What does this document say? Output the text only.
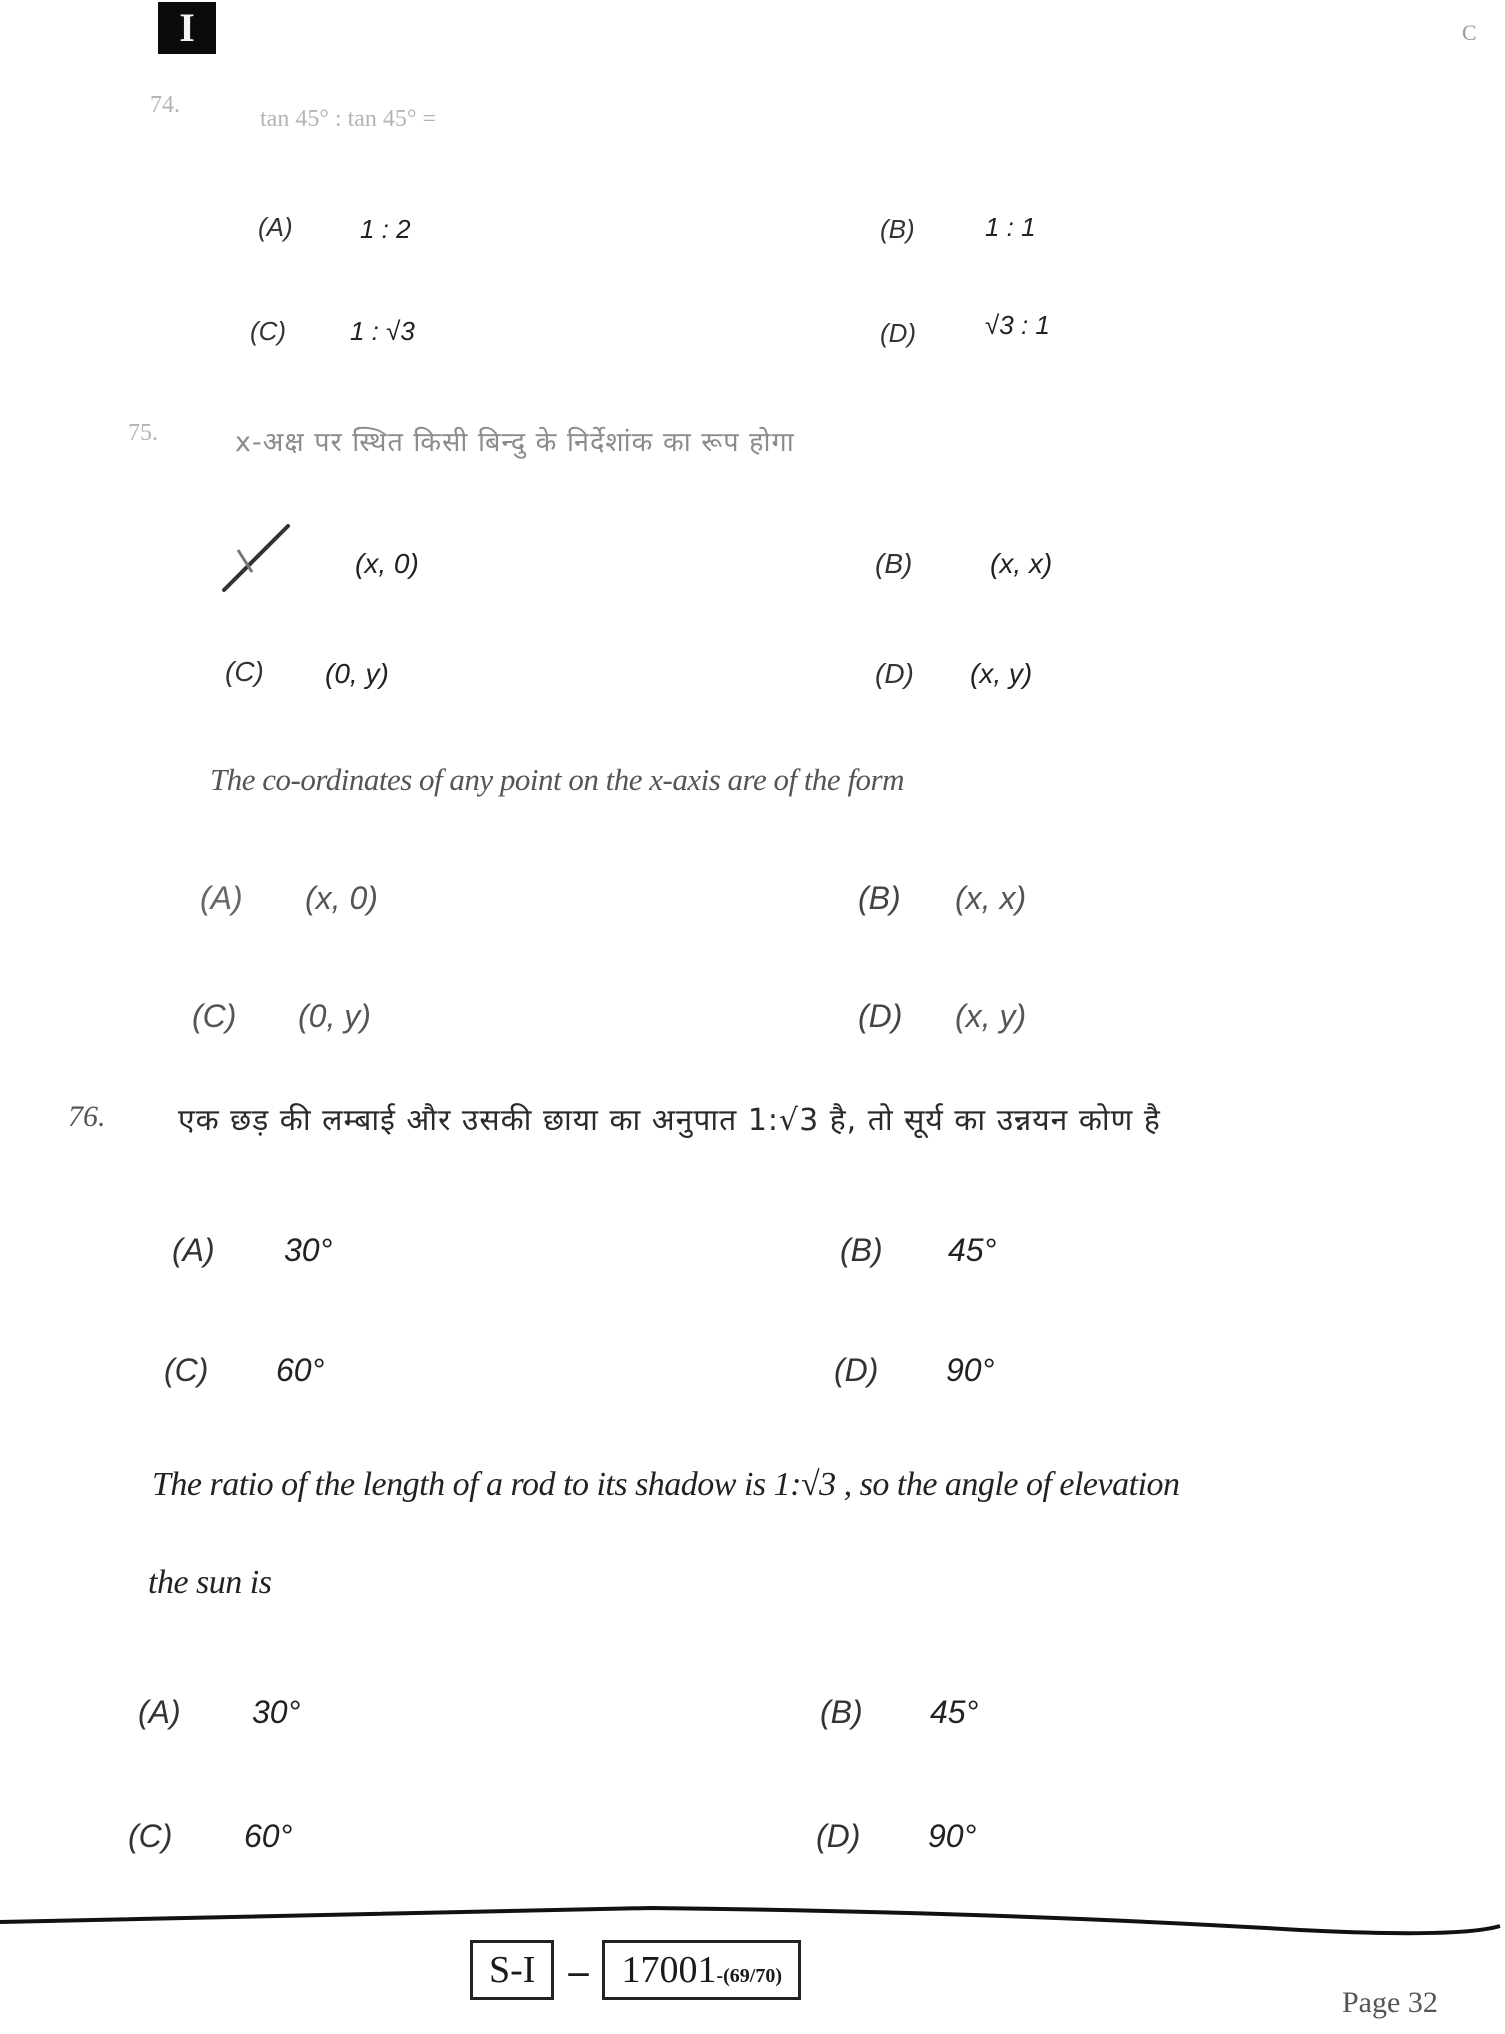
I	C
74.
tan 45° : tan 45° =
(A)	1 : 2	(B)	1 : 1
(C) 1 : √3	(D)	√3 : 1
75.	x-अक्ष पर स्थित किसी बिन्दु के निर्देशांक का रूप होगा
(x, 0)	(B)	(x, x)
(C) (0, y)	(D) (x, y)
The co-ordinates of any point on the x-axis are of the form
(A) (x, 0)	(B) (x, x)
(C) (0, y)	(D) (x, y)
76. एक छड़ की लम्बाई और उसकी छाया का अनुपात 1:√3 है, तो सूर्य का उन्नयन कोण है
(A) 30°	(B) 45°
(C) 60°	(D) 90°
The ratio of the length of a rod to its shadow is 1:√3 , so the angle of elevation
the sun is
(A) 30°	(B) 45°
(C) 60°	(D) 90°
S-I – 17001-(69/70)
Page 32
